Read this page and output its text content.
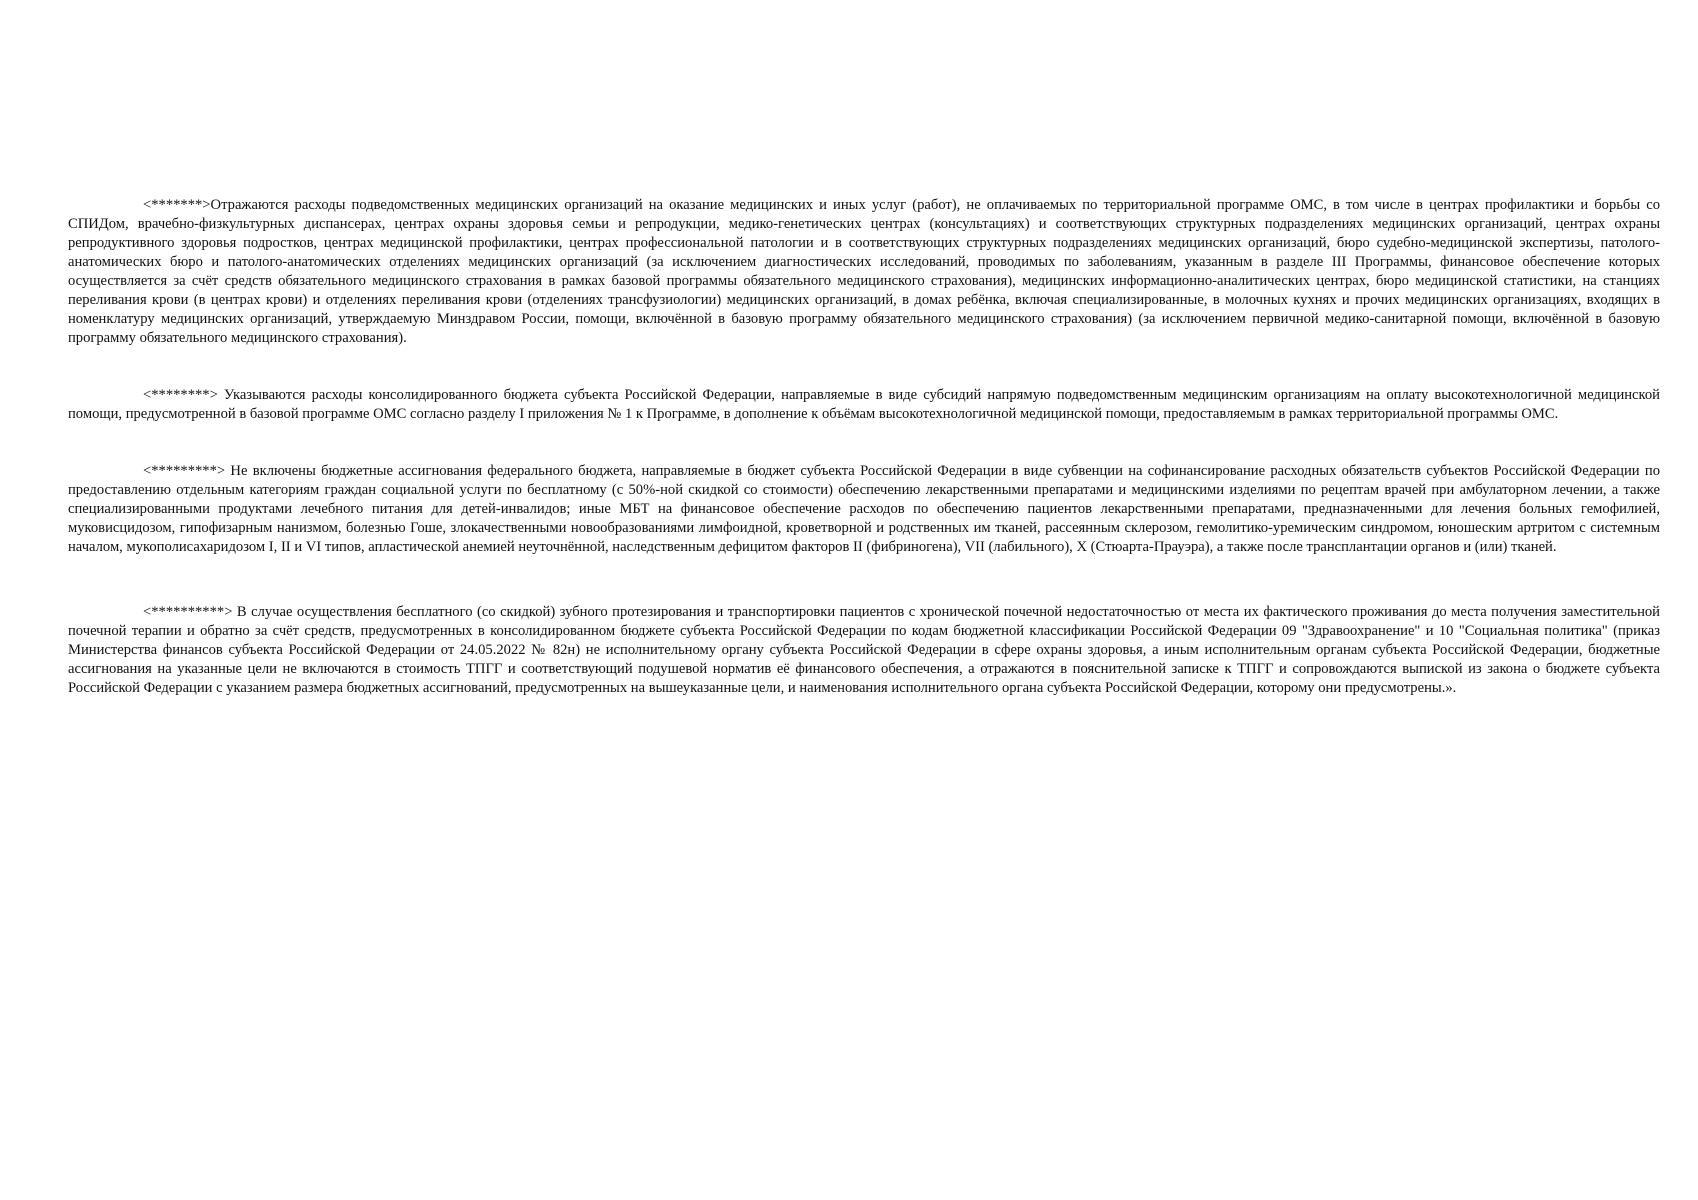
<*******>Отражаются расходы подведомственных медицинских организаций на оказание медицинских и иных услуг (работ), не оплачиваемых по территориальной программе ОМС, в том числе в центрах профилактики и борьбы со СПИДом, врачебно-физкультурных диспансерах, центрах охраны здоровья семьи и репродукции, медико-генетических центрах (консультациях) и соответствующих структурных подразделениях медицинских организаций, центрах охраны репродуктивного здоровья подростков, центрах медицинской профилактики, центрах профессиональной патологии и в соответствующих структурных подразделениях медицинских организаций, бюро судебно-медицинской экспертизы, патолого-анатомических бюро и патолого-анатомических отделениях медицинских организаций (за исключением диагностических исследований, проводимых по заболеваниям, указанным в разделе III Программы, финансовое обеспечение которых осуществляется за счёт средств обязательного медицинского страхования в рамках базовой программы обязательного медицинского страхования), медицинских информационно-аналитических центрах, бюро медицинской статистики, на станциях переливания крови (в центрах крови) и отделениях переливания крови (отделениях трансфузиологии) медицинских организаций, в домах ребёнка, включая специализированные, в молочных кухнях и прочих медицинских организациях, входящих в номенклатуру медицинских организаций, утверждаемую Минздравом России, помощи, включённой в базовую программу обязательного медицинского страхования) (за исключением первичной медико-санитарной помощи, включённой в базовую программу обязательного медицинского страхования).

<********> Указываются расходы консолидированного бюджета субъекта Российской Федерации, направляемые в виде субсидий напрямую подведомственным медицинским организациям на оплату высокотехнологичной медицинской помощи, предусмотренной в базовой программе ОМС согласно разделу I приложения № 1 к Программе, в дополнение к объёмам высокотехнологичной медицинской помощи, предоставляемым в рамках территориальной программы ОМС.

<*********> Не включены бюджетные ассигнования федерального бюджета, направляемые в бюджет субъекта Российской Федерации в виде субвенции на софинансирование расходных обязательств субъектов Российской Федерации по предоставлению отдельным категориям граждан социальной услуги по бесплатному (с 50%-ной скидкой со стоимости) обеспечению лекарственными препаратами и медицинскими изделиями по рецептам врачей при амбулаторном лечении, а также специализированными продуктами лечебного питания для детей-инвалидов; иные МБТ на финансовое обеспечение расходов по обеспечению пациентов лекарственными препаратами, предназначенными для лечения больных гемофилией, муковисцидозом, гипофизарным нанизмом, болезнью Гоше, злокачественными новообразованиями лимфоидной, кроветворной и родственных им тканей, рассеянным склерозом, гемолитико-уремическим синдромом, юношеским артритом с системным началом, мукополисахаридозом I, II и VI типов, апластической анемией неуточнённой, наследственным дефицитом факторов II (фибриногена), VII (лабильного), X (Стюарта-Прауэра), а также после трансплантации органов и (или) тканей.

<**********> В случае осуществления бесплатного (со скидкой) зубного протезирования и транспортировки пациентов с хронической почечной недостаточностью от места их фактического проживания до места получения заместительной почечной терапии и обратно за счёт средств, предусмотренных в консолидированном бюджете субъекта Российской Федерации по кодам бюджетной классификации Российской Федерации 09 "Здравоохранение" и 10 "Социальная политика" (приказ Министерства финансов субъекта Российской Федерации от 24.05.2022 № 82н) не исполнительному органу субъекта Российской Федерации в сфере охраны здоровья, а иным исполнительным органам субъекта Российской Федерации, бюджетные ассигнования на указанные цели не включаются в стоимость ТПГГ и соответствующий подушевой норматив её финансового обеспечения, а отражаются в пояснительной записке к ТПГГ и сопровождаются выпиской из закона о бюджете субъекта Российской Федерации с указанием размера бюджетных ассигнований, предусмотренных на вышеуказанные цели, и наименования исполнительного органа субъекта Российской Федерации, которому они предусмотрены.».
